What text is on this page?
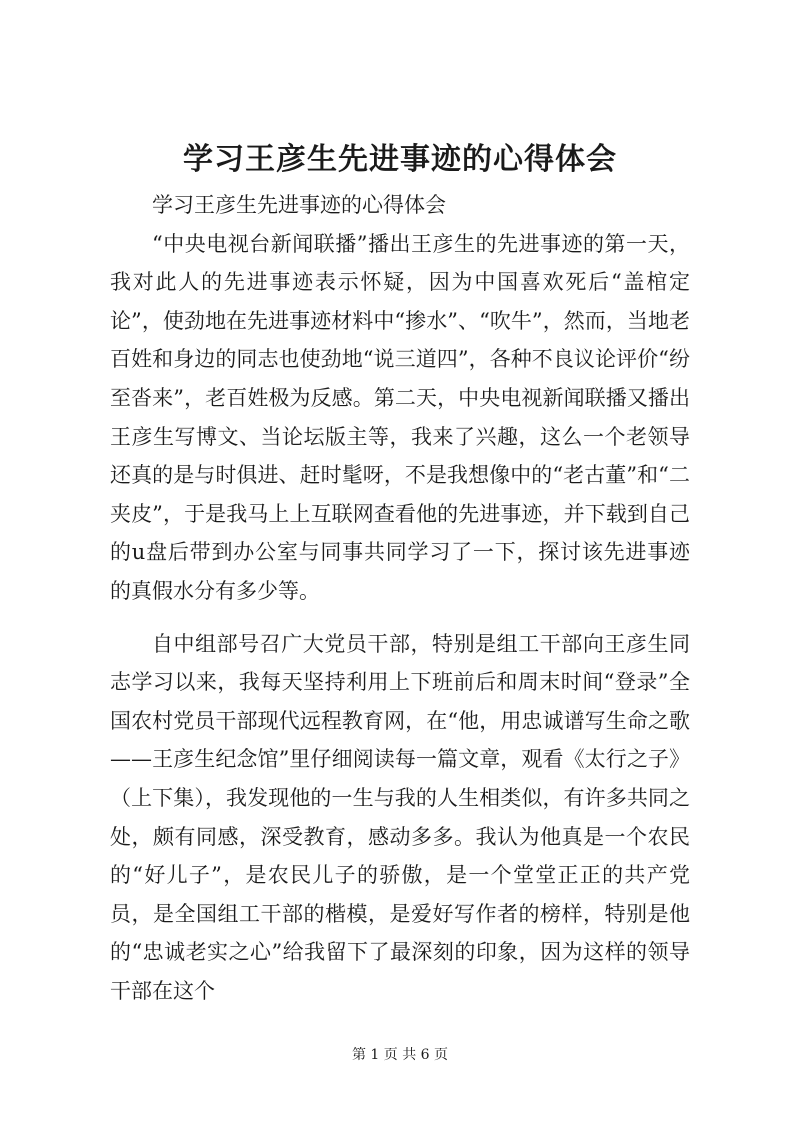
学习王彦生先进事迹的心得体会

学习王彦生先进事迹的心得体会

“中央电视台新闻联播”播出王彦生的先进事迹的第一天，我对此人的先进事迹表示怀疑，因为中国喜欢死后“盖棺定论”，使劲地在先进事迹材料中“掺水”、“吹牛”，然而，当地老百姓和身边的同志也使劲地“说三道四”，各种不良议论评价“纷至沓来”，老百姓极为反感。第二天，中央电视新闻联播又播出王彦生写博文、当论坛版主等，我来了兴趣，这么一个老领导还真的是与时俱进、赶时髦呀，不是我想像中的“老古董”和“二夹皮”，于是我马上上互联网查看他的先进事迹，并下载到自己的u盘后带到办公室与同事共同学习了一下，探讨该先进事迹的真假水分有多少等。

自中组部号召广大党员干部，特别是组工干部向王彦生同志学习以来，我每天坚持利用上下班前后和周末时间“登录”全国农村党员干部现代远程教育网，在“他，用忠诚谱写生命之歌——王彦生纪念馆”里仔细阅读每一篇文章，观看《太行之子》（上下集），我发现他的一生与我的人生相类似，有许多共同之处，颇有同感，深受教育，感动多多。我认为他真是一个农民的“好儿子”，是农民儿子的骄傲，是一个堂堂正正的共产党员，是全国组工干部的楷模，是爱好写作者的榜样，特别是他的“忠诚老实之心”给我留下了最深刻的印象，因为这样的领导干部在这个

第 1 页 共 6 页
